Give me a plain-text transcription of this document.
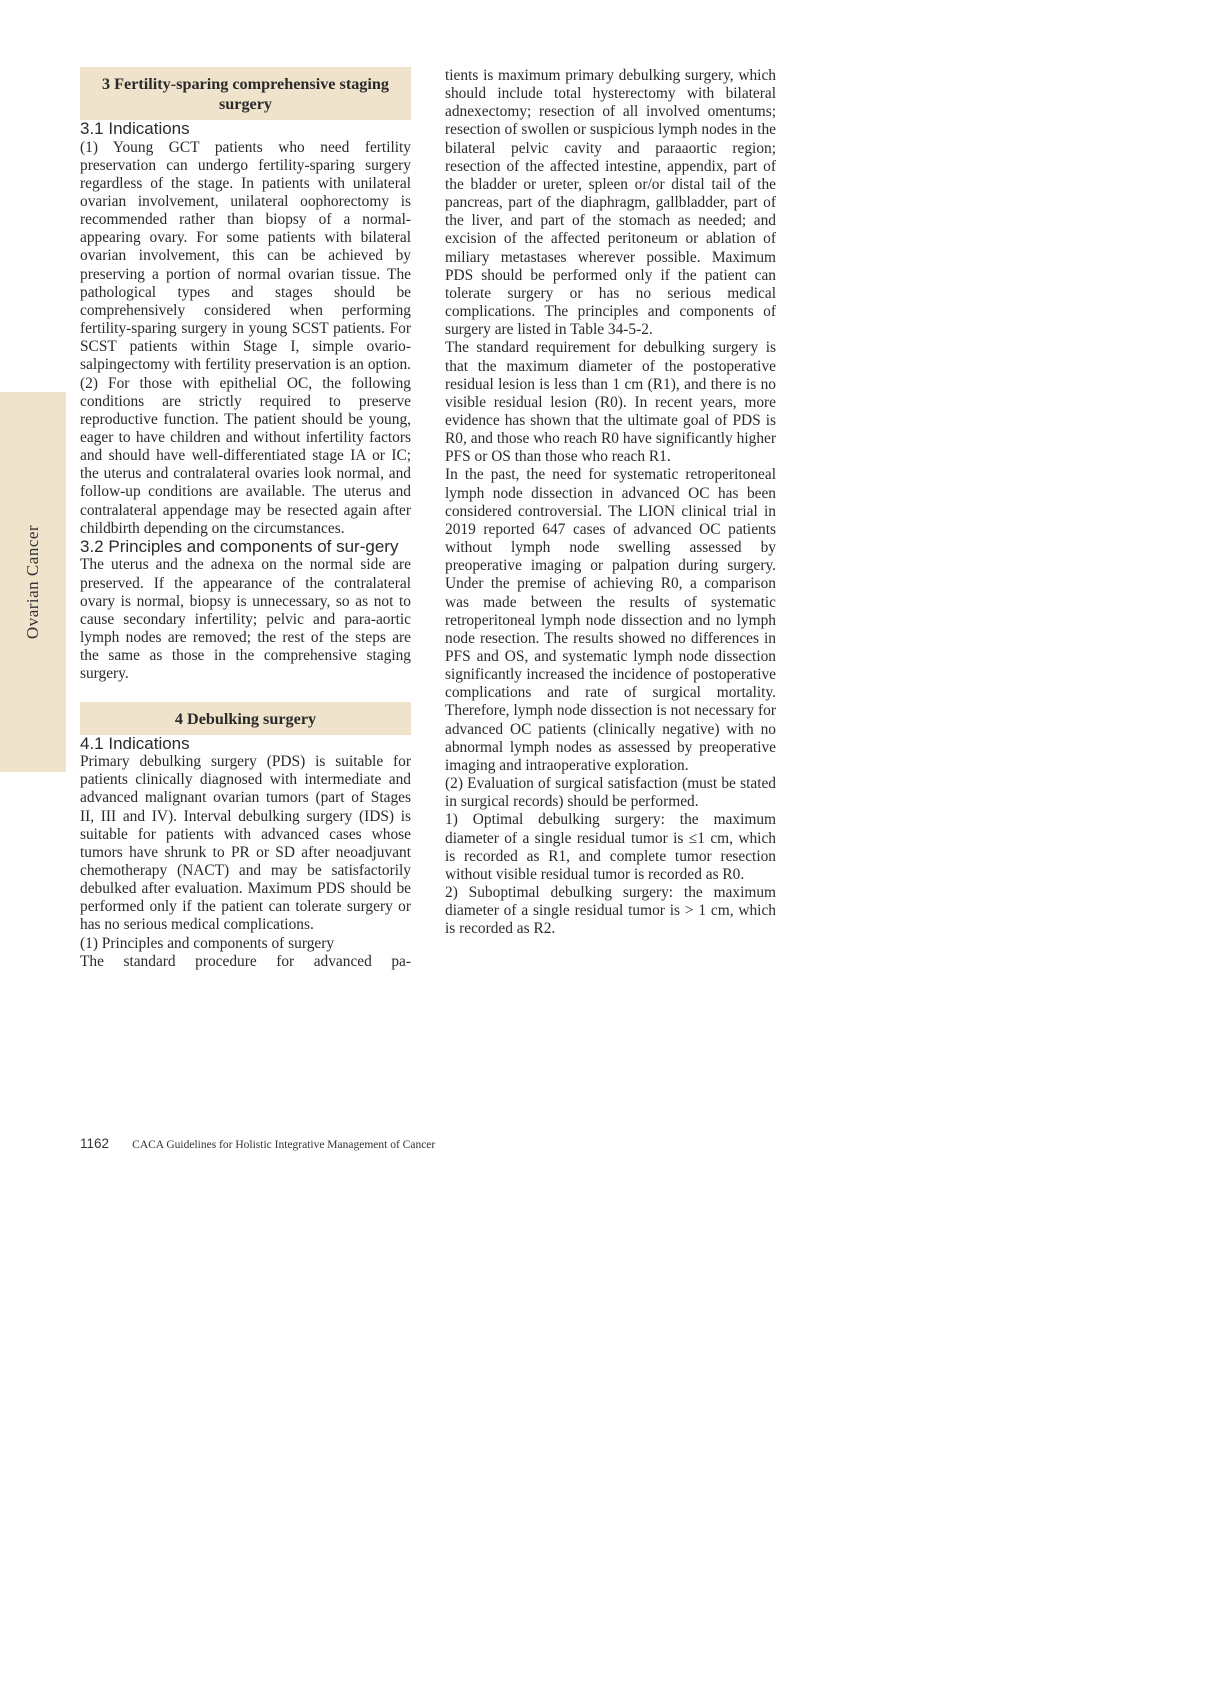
Ovarian Cancer
3 Fertility-sparing comprehensive staging surgery

3.1 Indications

(1) Young GCT patients who need fertility preservation can undergo fertility-sparing surgery regardless of the stage. In patients with unilateral ovarian involvement, unilateral oophorectomy is recommended rather than biopsy of a normal-appearing ovary. For some patients with bilateral ovarian involvement, this can be achieved by preserving a portion of normal ovarian tissue. The pathological types and stages should be comprehensively considered when performing fertility-sparing surgery in young SCST patients. For SCST patients within Stage I, simple ovario-salpingectomy with fertility preservation is an option. (2) For those with epithelial OC, the following conditions are strictly required to preserve reproductive function. The patient should be young, eager to have children and without infertility factors and should have well-differentiated stage IA or IC; the uterus and contralateral ovaries look normal, and follow-up conditions are available. The uterus and contralateral appendage may be resected again after childbirth depending on the circumstances.

3.2 Principles and components of sur-gery

The uterus and the adnexa on the normal side are preserved. If the appearance of the contralateral ovary is normal, biopsy is unnecessary, so as not to cause secondary infertility; pelvic and para-aortic lymph nodes are removed; the rest of the steps are the same as those in the comprehensive staging surgery.

4 Debulking surgery

4.1 Indications

Primary debulking surgery (PDS) is suitable for patients clinically diagnosed with intermediate and advanced malignant ovarian tumors (part of Stages II, III and IV). Interval debulking surgery (IDS) is suitable for patients with advanced cases whose tumors have shrunk to PR or SD after neoadjuvant chemotherapy (NACT) and may be satisfactorily debulked after evaluation. Maximum PDS should be performed only if the patient can tolerate surgery or has no serious medical complications.

(1) Principles and components of surgery

The standard procedure for advanced pa-

tients is maximum primary debulking surgery, which should include total hysterectomy with bilateral adnexectomy; resection of all involved omentums; resection of swollen or suspicious lymph nodes in the bilateral pelvic cavity and paraaortic region; resection of the affected intestine, appendix, part of the bladder or ureter, spleen or/or distal tail of the pancreas, part of the diaphragm, gallbladder, part of the liver, and part of the stomach as needed; and excision of the affected peritoneum or ablation of miliary metastases wherever possible. Maximum PDS should be performed only if the patient can tolerate surgery or has no serious medical complications. The principles and components of surgery are listed in Table 34-5-2.

The standard requirement for debulking surgery is that the maximum diameter of the postoperative residual lesion is less than 1 cm (R1), and there is no visible residual lesion (R0). In recent years, more evidence has shown that the ultimate goal of PDS is R0, and those who reach R0 have significantly higher PFS or OS than those who reach R1.

In the past, the need for systematic retroperitoneal lymph node dissection in advanced OC has been considered controversial. The LION clinical trial in 2019 reported 647 cases of advanced OC patients without lymph node swelling assessed by preoperative imaging or palpation during surgery. Under the premise of achieving R0, a comparison was made between the results of systematic retroperitoneal lymph node dissection and no lymph node resection. The results showed no differences in PFS and OS, and systematic lymph node dissection significantly increased the incidence of postoperative complications and rate of surgical mortality. Therefore, lymph node dissection is not necessary for advanced OC patients (clinically negative) with no abnormal lymph nodes as assessed by preoperative imaging and intraoperative exploration.

(2) Evaluation of surgical satisfaction (must be stated in surgical records) should be performed.

1) Optimal debulking surgery: the maximum diameter of a single residual tumor is ≤1 cm, which is recorded as R1, and complete tumor resection without visible residual tumor is recorded as R0.

2) Suboptimal debulking surgery: the maximum diameter of a single residual tumor is > 1 cm, which is recorded as R2.

1162 CACA Guidelines for Holistic Integrative Management of Cancer
